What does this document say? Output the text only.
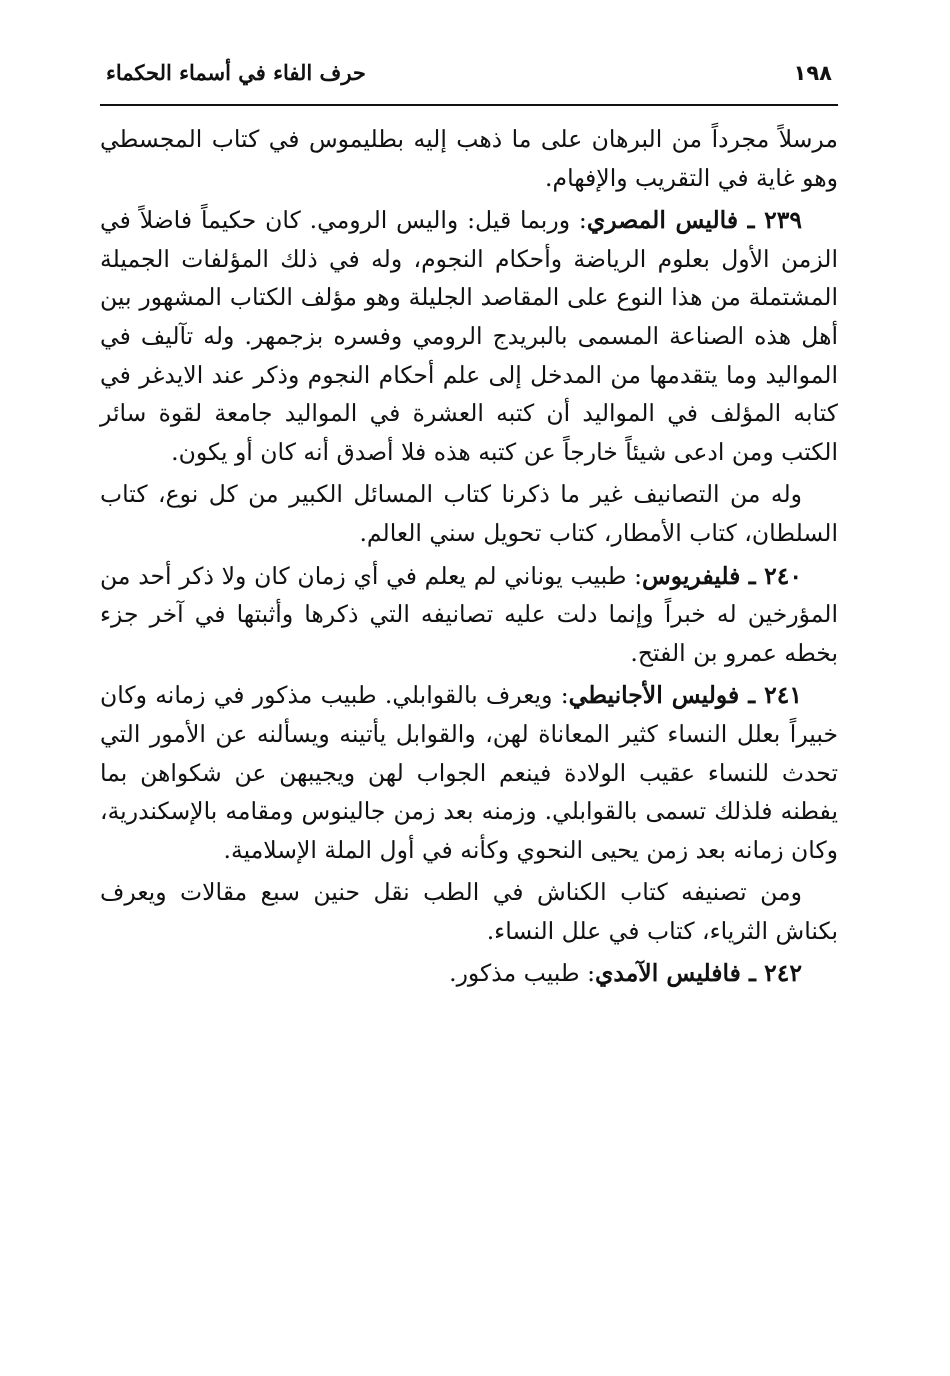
١٩٨
حرف الفاء في أسماء الحكماء

مرسلاً مجرداً من البرهان على ما ذهب إليه بطليموس في كتاب المجسطي وهو غاية في التقريب والإفهام.

٢٣٩ ـ فاليس المصري: وربما قيل: واليس الرومي. كان حكيماً فاضلاً في الزمن الأول بعلوم الرياضة وأحكام النجوم، وله في ذلك المؤلفات الجميلة المشتملة من هذا النوع على المقاصد الجليلة وهو مؤلف الكتاب المشهور بين أهل هذه الصناعة المسمى بالبريدج الرومي وفسره بزجمهر. وله تآليف في المواليد وما يتقدمها من المدخل إلى علم أحكام النجوم وذكر عند الايدغر في كتابه المؤلف في المواليد أن كتبه العشرة في المواليد جامعة لقوة سائر الكتب ومن ادعى شيئاً خارجاً عن كتبه هذه فلا أصدق أنه كان أو يكون.

وله من التصانيف غير ما ذكرنا كتاب المسائل الكبير من كل نوع، كتاب السلطان، كتاب الأمطار، كتاب تحويل سني العالم.

٢٤٠ ـ فليفريوس: طبيب يوناني لم يعلم في أي زمان كان ولا ذكر أحد من المؤرخين له خبراً وإنما دلت عليه تصانيفه التي ذكرها وأثبتها في آخر جزء بخطه عمرو بن الفتح.

٢٤١ ـ فوليس الأجانيطي: ويعرف بالقوابلي. طبيب مذكور في زمانه وكان خبيراً بعلل النساء كثير المعاناة لهن، والقوابل يأتينه ويسألنه عن الأمور التي تحدث للنساء عقيب الولادة فينعم الجواب لهن ويجيبهن عن شكواهن بما يفطنه فلذلك تسمى بالقوابلي. وزمنه بعد زمن جالينوس ومقامه بالإسكندرية، وكان زمانه بعد زمن يحيى النحوي وكأنه في أول الملة الإسلامية.

ومن تصنيفه كتاب الكناش في الطب نقل حنين سبع مقالات ويعرف بكناش الثرياء، كتاب في علل النساء.

٢٤٢ ـ فافليس الآمدي: طبيب مذكور.
